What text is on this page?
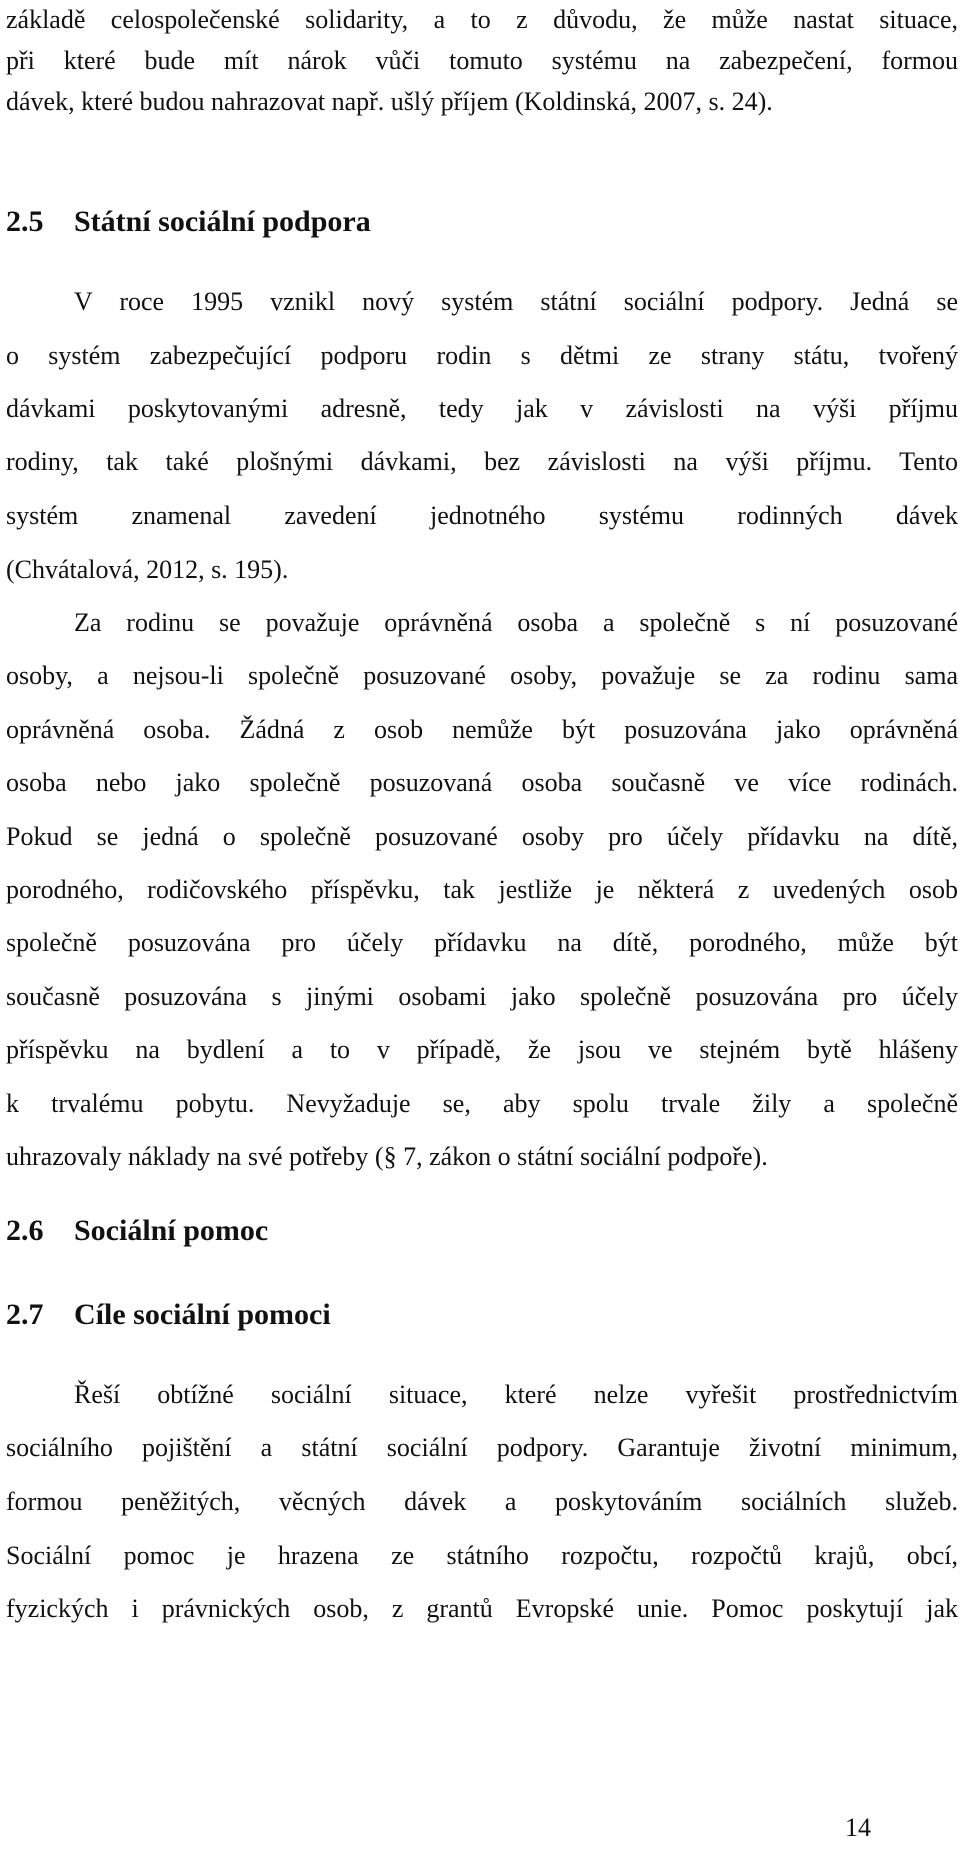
základě celospolečenské solidarity, a to z důvodu, že může nastat situace,
při které bude mít nárok vůči tomuto systému na zabezpečení, formou
dávek, které budou nahrazovat např. ušlý příjem (Koldinská, 2007, s. 24).
2.5 Státní sociální podpora
V roce 1995 vznikl nový systém státní sociální podpory. Jedná se
o systém zabezpečující podporu rodin s dětmi ze strany státu, tvořený
dávkami poskytovanými adresně, tedy jak v závislosti na výši příjmu
rodiny, tak také plošnými dávkami, bez závislosti na výši příjmu. Tento
systém znamenal zavedení jednotného systému rodinných dávek
(Chvátalová, 2012, s. 195).
Za rodinu se považuje oprávněná osoba a společně s ní posuzované
osoby, a nejsou-li společně posuzované osoby, považuje se za rodinu sama
oprávněná osoba. Žádná z osob nemůže být posuzována jako oprávněná
osoba nebo jako společně posuzovaná osoba současně ve více rodinách.
Pokud se jedná o společně posuzované osoby pro účely přídavku na dítě,
porodného, rodičovského příspěvku, tak jestliže je některá z uvedených osob
společně posuzována pro účely přídavku na dítě, porodného, může být
současně posuzována s jinými osobami jako společně posuzována pro účely
příspěvku na bydlení a to v případě, že jsou ve stejném bytě hlášeny
k trvalému pobytu. Nevyžaduje se, aby spolu trvale žily a společně
uhrazovaly náklady na své potřeby (§ 7, zákon o státní sociální podpoře).
2.6 Sociální pomoc
2.7 Cíle sociální pomoci
Řeší obtížné sociální situace, které nelze vyřešit prostřednictvím
sociálního pojištění a státní sociální podpory. Garantuje životní minimum,
formou peněžitých, věcných dávek a poskytováním sociálních služeb.
Sociální pomoc je hrazena ze státního rozpočtu, rozpočtů krajů, obcí,
fyzických i právnických osob, z grantů Evropské unie. Pomoc poskytují jak
14
